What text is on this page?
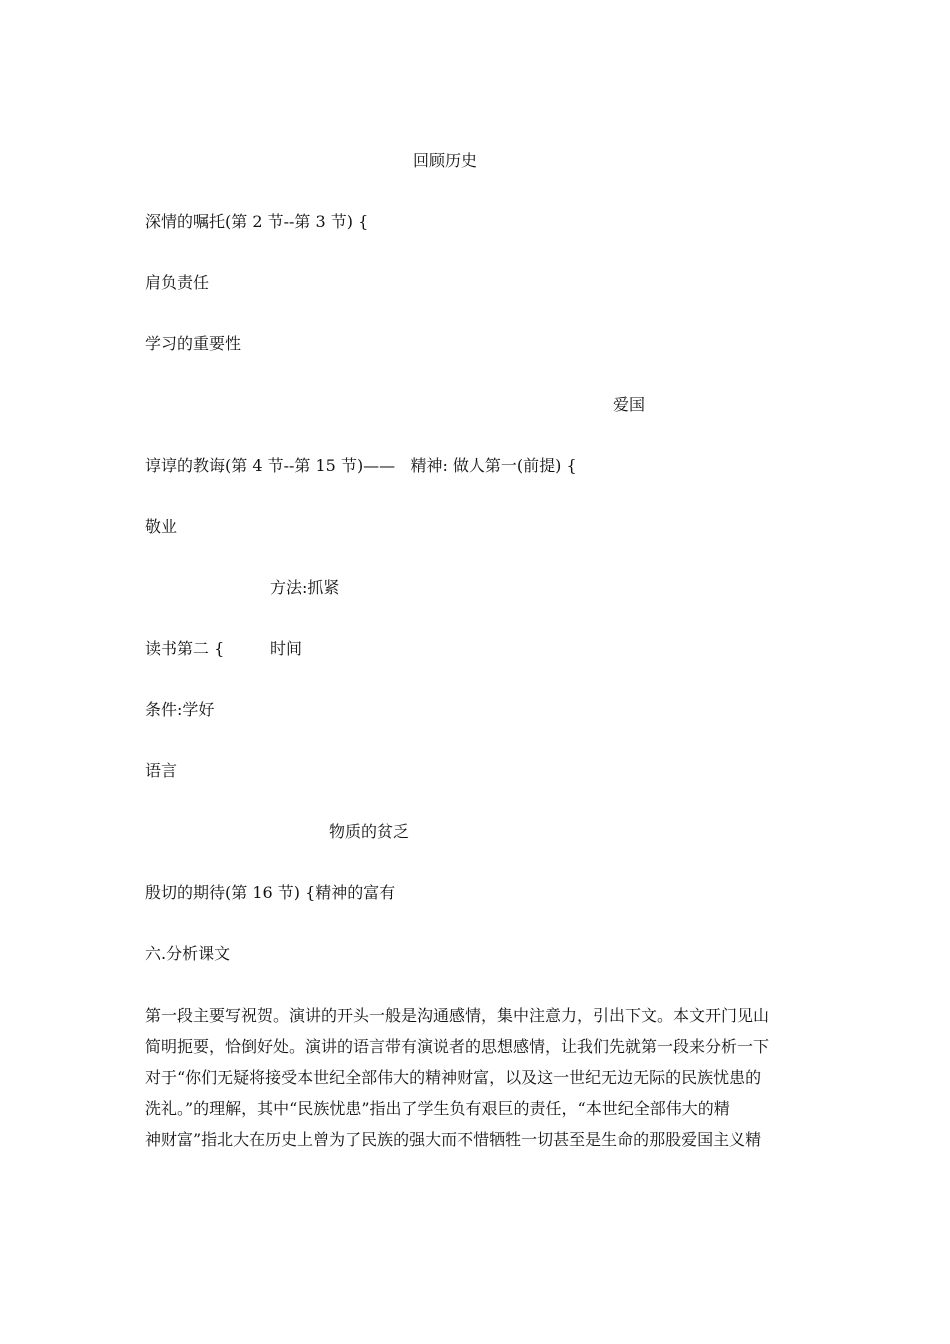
回顾历史
深情的嘱托(第 2 节--第 3 节) {
肩负责任
学习的重要性
爱国
谆谆的教诲(第 4 节--第 15 节)——   精神: 做人第一(前提) {
敬业
方法:抓紧
读书第二 {	时间
条件:学好
语言
物质的贫乏
殷切的期待(第 16 节) {精神的富有
六.分析课文
第一段主要写祝贺。演讲的开头一般是沟通感情，集中注意力，引出下文。本文开门见山
简明扼要，恰倒好处。演讲的语言带有演说者的思想感情，让我们先就第一段来分析一下
对于“你们无疑将接受本世纪全部伟大的精神财富，以及这一世纪无边无际的民族忧患的
洗礼。”的理解，其中“民族忧患”指出了学生负有艰巨的责任，“本世纪全部伟大的精
神财富”指北大在历史上曾为了民族的强大而不惜牺牲一切甚至是生命的那股爱国主义精
